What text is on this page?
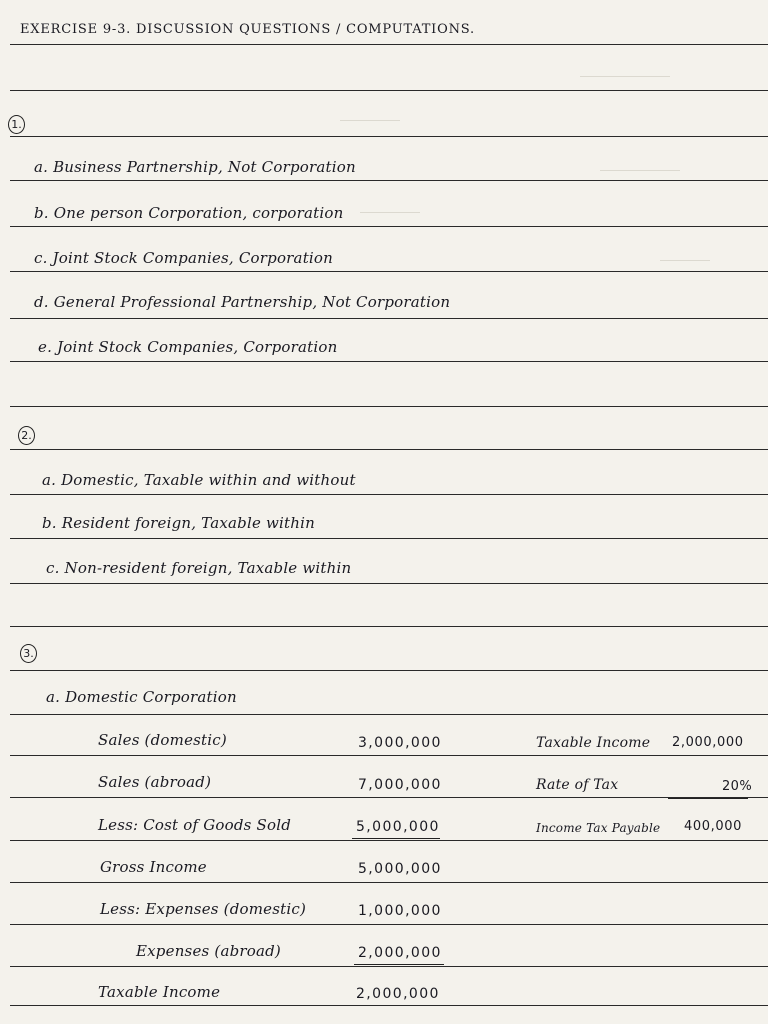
EXERCISE 9-3. DISCUSSION QUESTIONS / COMPUTATIONS.
1.
a. Business Partnership, Not Corporation
b. One person Corporation, corporation
c. Joint Stock Companies, Corporation
d. General Professional Partnership, Not Corporation
e. Joint Stock Companies, Corporation
2.
a. Domestic, Taxable within and without
b. Resident foreign, Taxable within
c. Non-resident foreign, Taxable within
3.
a. Domestic Corporation
Sales (domestic)
Sales (abroad)
Less: Cost of Goods Sold
Gross Income
Less: Expenses (domestic)
Expenses (abroad)
Taxable Income
3,000,000
7,000,000
5,000,000
5,000,000
1,000,000
2,000,000
2,000,000
Taxable Income 2,000,000
Rate of Tax	20%
Income Tax Payable 400,000
